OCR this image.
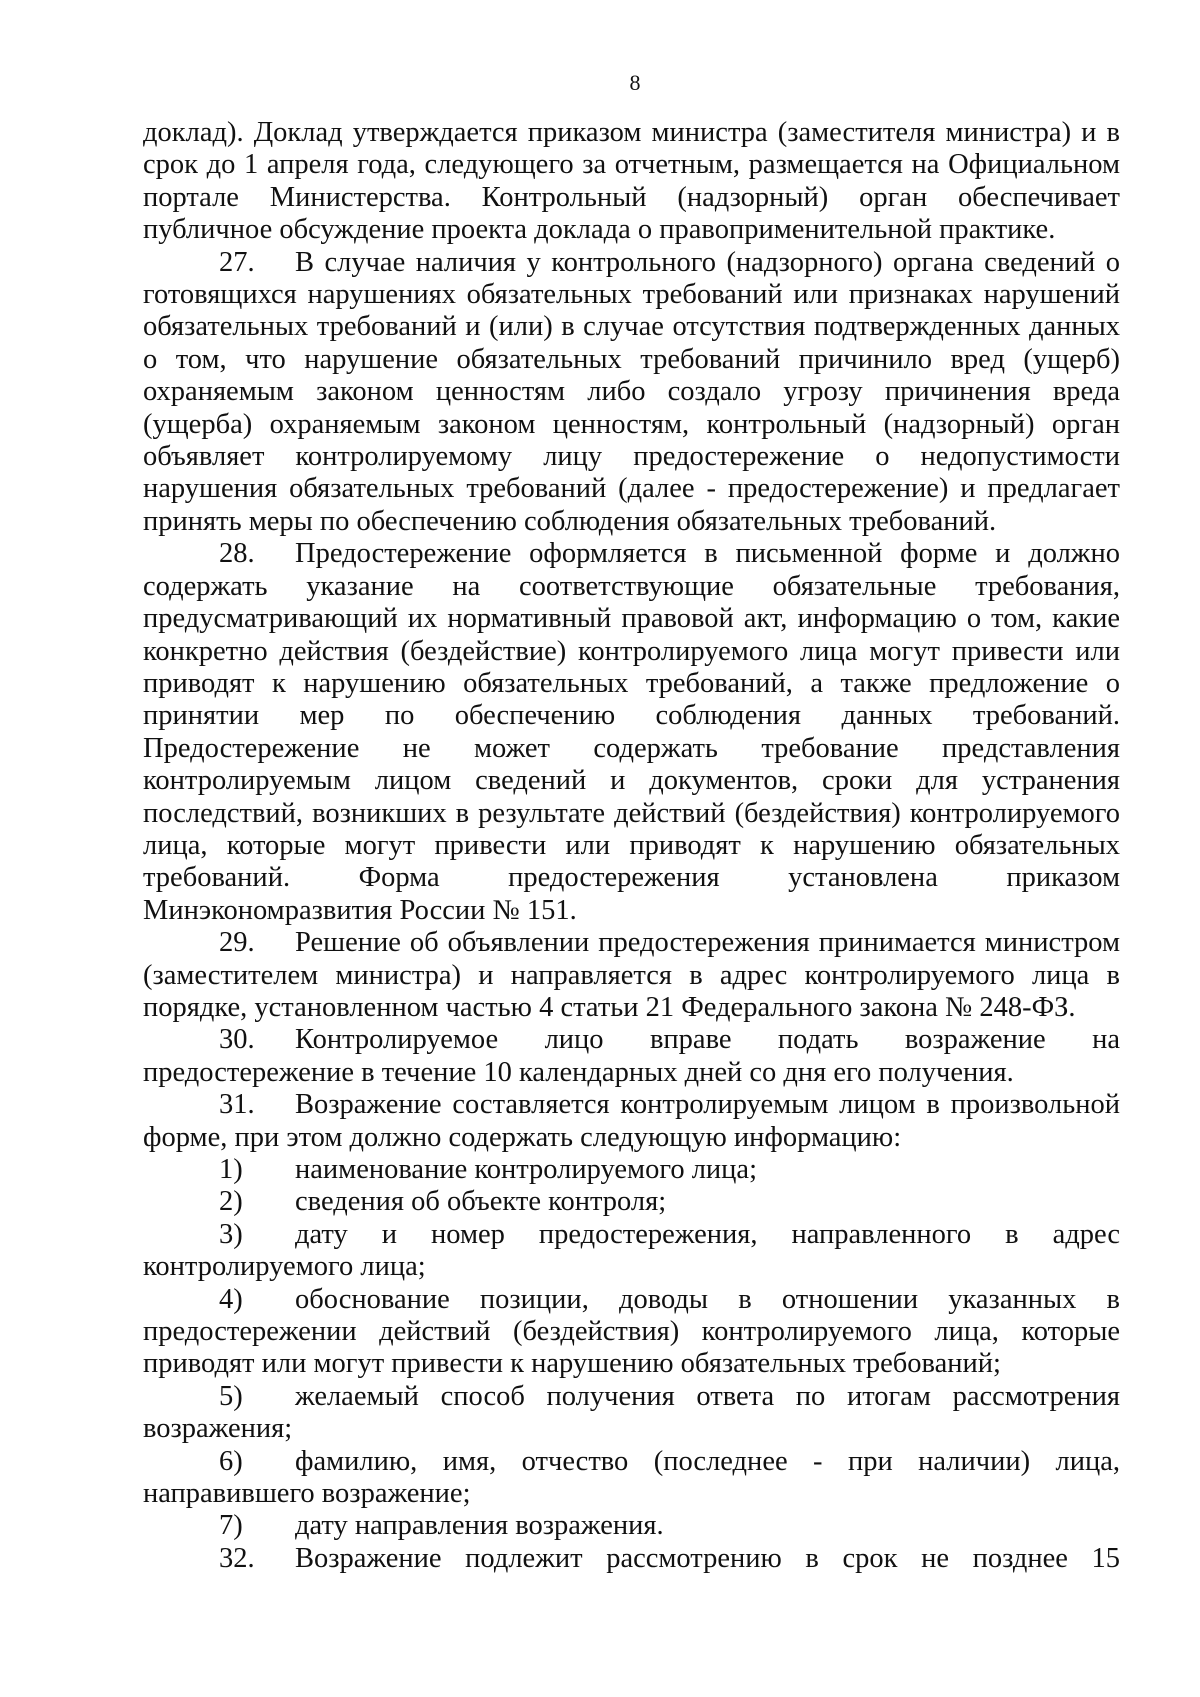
8

доклад). Доклад утверждается приказом министра (заместителя министра) и в срок до 1 апреля года, следующего за отчетным, размещается на Официальном портале Министерства. Контрольный (надзорный) орган обеспечивает публичное обсуждение проекта доклада о правоприменительной практике.

27. В случае наличия у контрольного (надзорного) органа сведений о готовящихся нарушениях обязательных требований или признаках нарушений обязательных требований и (или) в случае отсутствия подтвержденных данных о том, что нарушение обязательных требований причинило вред (ущерб) охраняемым законом ценностям либо создало угрозу причинения вреда (ущерба) охраняемым законом ценностям, контрольный (надзорный) орган объявляет контролируемому лицу предостережение о недопустимости нарушения обязательных требований (далее - предостережение) и предлагает принять меры по обеспечению соблюдения обязательных требований.

28. Предостережение оформляется в письменной форме и должно содержать указание на соответствующие обязательные требования, предусматривающий их нормативный правовой акт, информацию о том, какие конкретно действия (бездействие) контролируемого лица могут привести или приводят к нарушению обязательных требований, а также предложение о принятии мер по обеспечению соблюдения данных требований. Предостережение не может содержать требование представления контролируемым лицом сведений и документов, сроки для устранения последствий, возникших в результате действий (бездействия) контролируемого лица, которые могут привести или приводят к нарушению обязательных требований. Форма предостережения установлена приказом Минэкономразвития России № 151.

29. Решение об объявлении предостережения принимается министром (заместителем министра) и направляется в адрес контролируемого лица в порядке, установленном частью 4 статьи 21 Федерального закона № 248-ФЗ.

30. Контролируемое лицо вправе подать возражение на предостережение в течение 10 календарных дней со дня его получения.

31. Возражение составляется контролируемым лицом в произвольной форме, при этом должно содержать следующую информацию:

1) наименование контролируемого лица;

2) сведения об объекте контроля;

3) дату и номер предостережения, направленного в адрес контролируемого лица;

4) обоснование позиции, доводы в отношении указанных в предостережении действий (бездействия) контролируемого лица, которые приводят или могут привести к нарушению обязательных требований;

5) желаемый способ получения ответа по итогам рассмотрения возражения;

6) фамилию, имя, отчество (последнее - при наличии) лица, направившего возражение;

7) дату направления возражения.

32. Возражение подлежит рассмотрению в срок не позднее 15
